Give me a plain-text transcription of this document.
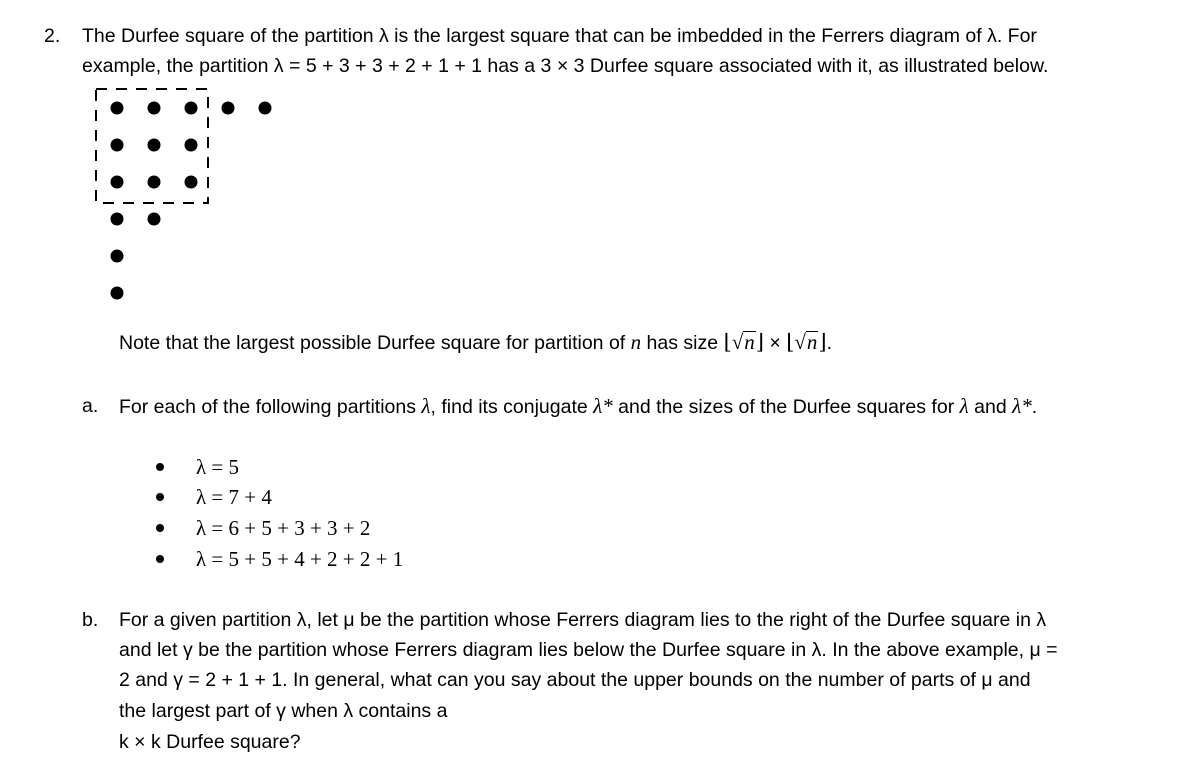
2. The Durfee square of the partition λ is the largest square that can be imbedded in the Ferrers diagram of λ. For
example, the partition λ = 5 + 3 + 3 + 2 + 1 + 1 has a 3 × 3 Durfee square associated with it, as illustrated below.
Note that the largest possible Durfee square for partition of n has size ⌊√n⌋ × ⌊√n⌋.
a. For each of the following partitions λ, find its conjugate λ* and the sizes of the Durfee squares for λ and λ*.
λ = 5
λ = 7 + 4
λ = 6 + 5 + 3 + 3 + 2
λ = 5 + 5 + 4 + 2 + 2 + 1
b. For a given partition λ, let μ be the partition whose Ferrers diagram lies to the right of the Durfee square in λ
and let γ be the partition whose Ferrers diagram lies below the Durfee square in λ. In the above example, μ =
2 and γ = 2 + 1 + 1. In general, what can you say about the upper bounds on the number of parts of μ and
the largest part of γ when λ contains a
k × k Durfee square?
